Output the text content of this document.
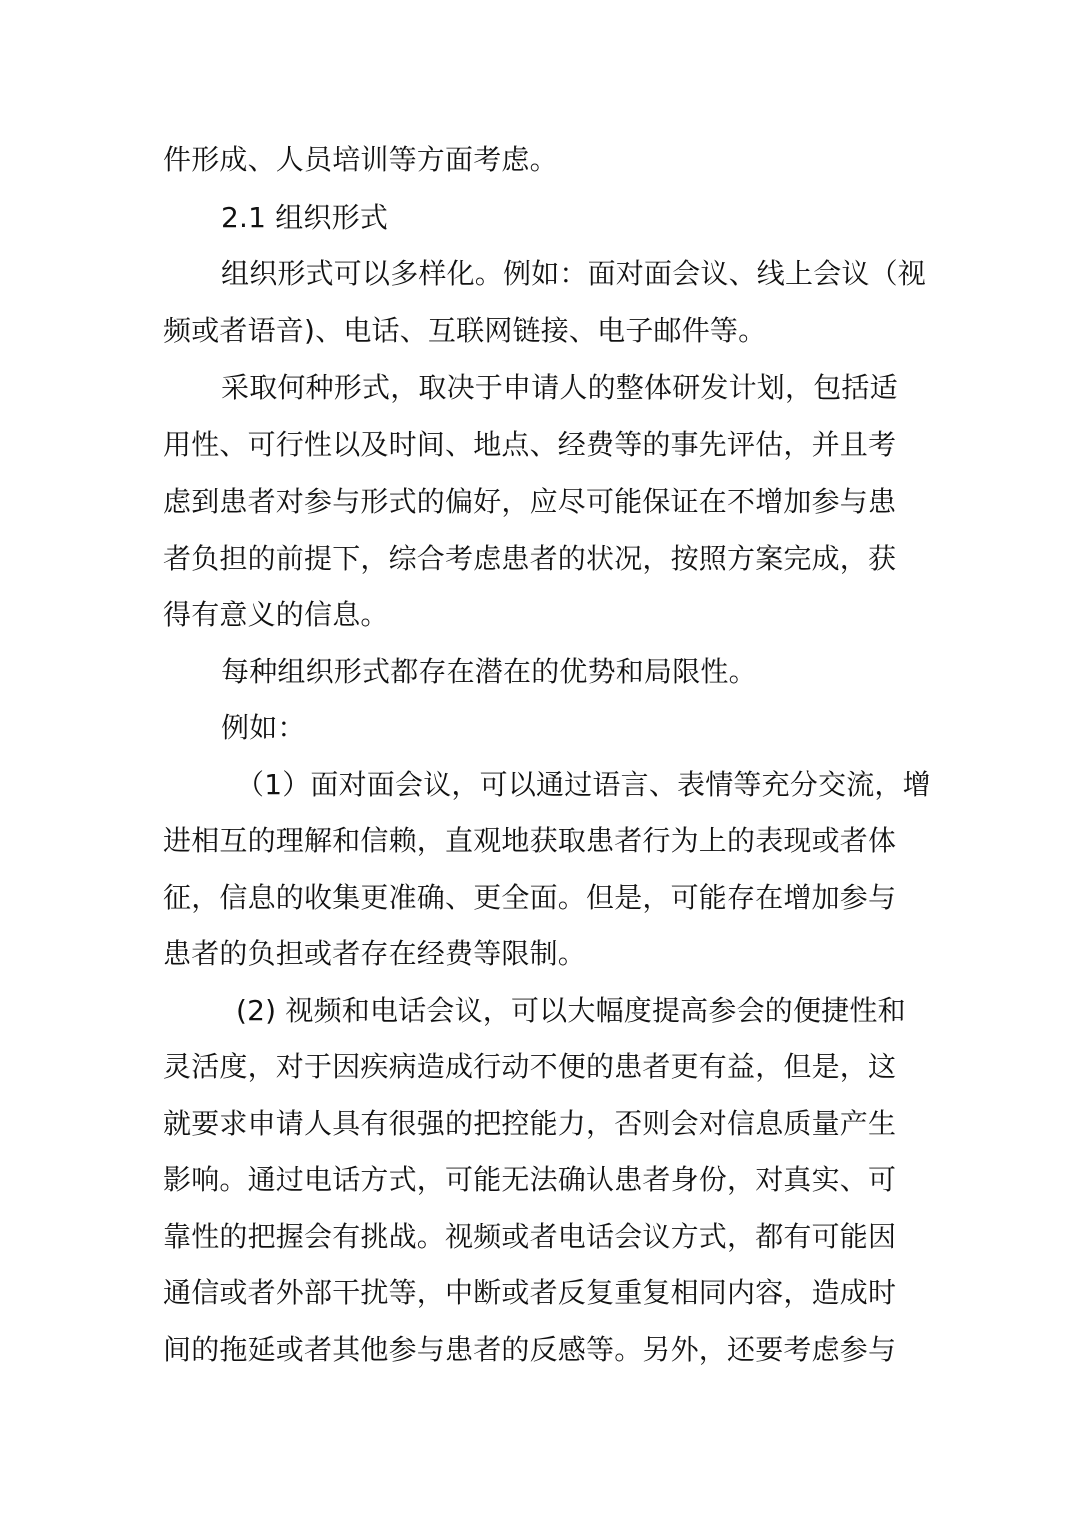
件形成、人员培训等方面考虑。
2.1 组织形式
组织形式可以多样化。例如：面对面会议、线上会议（视
频或者语音)、电话、互联网链接、电子邮件等。
采取何种形式，取决于申请人的整体研发计划，包括适
用性、可行性以及时间、地点、经费等的事先评估，并且考
虑到患者对参与形式的偏好，应尽可能保证在不增加参与患
者负担的前提下，综合考虑患者的状况，按照方案完成，获
得有意义的信息。
每种组织形式都存在潜在的优势和局限性。
例如：
（1）面对面会议，可以通过语言、表情等充分交流，增
进相互的理解和信赖，直观地获取患者行为上的表现或者体
征，信息的收集更准确、更全面。但是，可能存在增加参与
患者的负担或者存在经费等限制。
(2) 视频和电话会议，可以大幅度提高参会的便捷性和
灵活度，对于因疾病造成行动不便的患者更有益，但是，这
就要求申请人具有很强的把控能力，否则会对信息质量产生
影响。通过电话方式，可能无法确认患者身份，对真实、可
靠性的把握会有挑战。视频或者电话会议方式，都有可能因
通信或者外部干扰等，中断或者反复重复相同内容，造成时
间的拖延或者其他参与患者的反感等。另外，还要考虑参与
